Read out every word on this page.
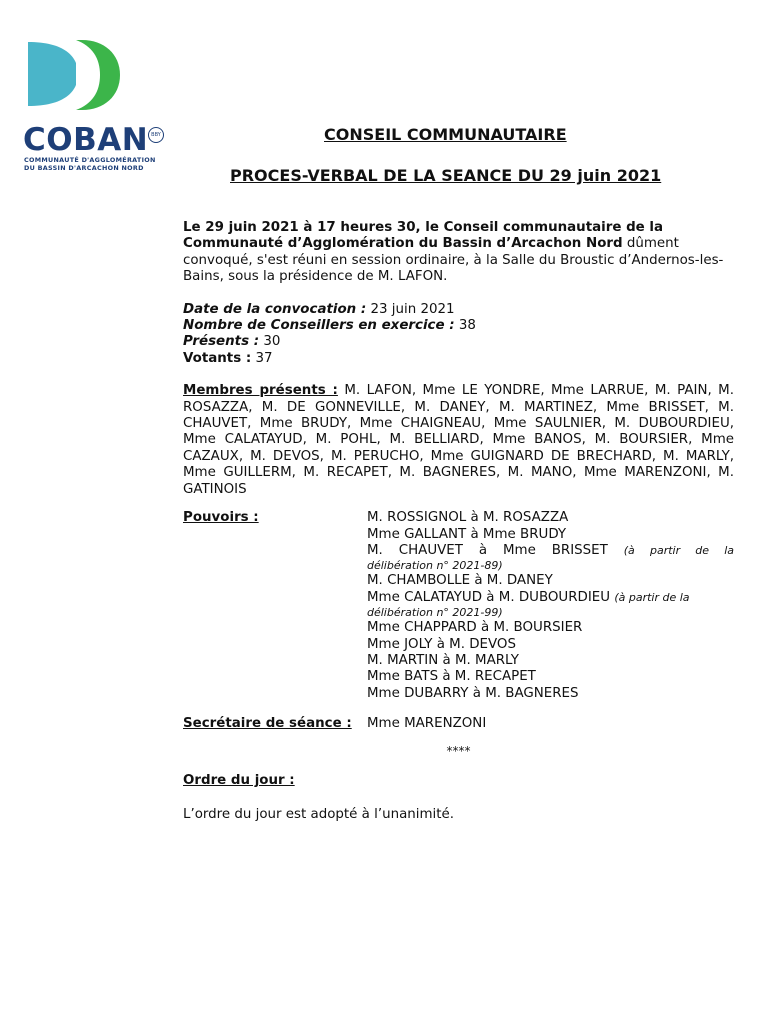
COBAN BBY
COMMUNAUTÉ D'AGGLOMÉRATION
DU BASSIN D'ARCACHON NORD
CONSEIL COMMUNAUTAIRE
PROCES-VERBAL DE LA SEANCE DU 29 juin 2021

Le 29 juin 2021 à 17 heures 30, le Conseil communautaire de la Communauté d’Agglomération du Bassin d’Arcachon Nord dûment convoqué, s'est réuni en session ordinaire, à la Salle du Broustic d’Andernos-les-Bains, sous la présidence de M. LAFON.

Date de la convocation : 23 juin 2021
Nombre de Conseillers en exercice : 38
Présents : 30
Votants : 37

Membres présents : M. LAFON, Mme LE YONDRE, Mme LARRUE, M. PAIN, M. ROSAZZA, M. DE GONNEVILLE, M. DANEY, M. MARTINEZ, Mme BRISSET, M. CHAUVET, Mme BRUDY, Mme CHAIGNEAU, Mme SAULNIER, M. DUBOURDIEU, Mme CALATAYUD, M. POHL, M. BELLIARD, Mme BANOS, M. BOURSIER, Mme CAZAUX, M. DEVOS, M. PERUCHO, Mme GUIGNARD DE BRECHARD, M. MARLY, Mme GUILLERM, M. RECAPET, M. BAGNERES, M. MANO, Mme MARENZONI, M. GATINOIS

Pouvoirs :	M. ROSSIGNOL à M. ROSAZZA
Mme GALLANT à Mme BRUDY
M. CHAUVET à Mme BRISSET (à partir de la
délibération n° 2021-89)
M. CHAMBOLLE à M. DANEY
Mme CALATAYUD à M. DUBOURDIEU (à partir de la
délibération n° 2021-99)
Mme CHAPPARD à M. BOURSIER
Mme JOLY à M. DEVOS
M. MARTIN à M. MARLY
Mme BATS à M. RECAPET
Mme DUBARRY à M. BAGNERES
Secrétaire de séance :	Mme MARENZONI
****
Ordre du jour :
L’ordre du jour est adopté à l’unanimité.
